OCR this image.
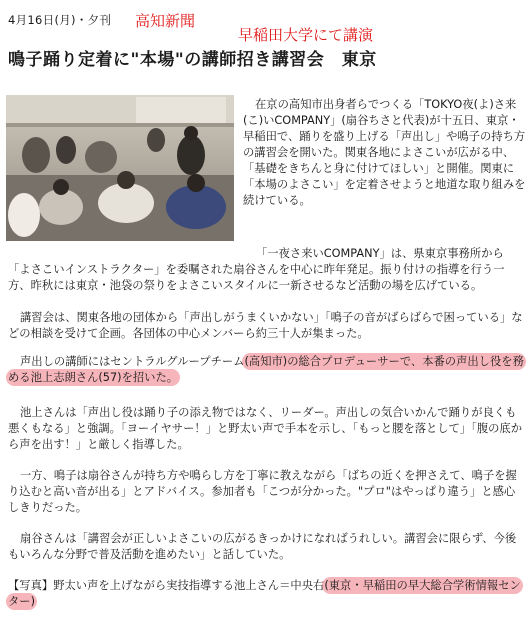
4月16日(月)・夕刊 高知新聞
早稲田大学にて講演
鳴子踊り定着に"本場"の講師招き講習会　東京

在京の高知市出身者らでつくる「TOKYO夜(よ)さ来(こ)いCOMPANY」(扇谷ちさと代表)が十五日、東京・早稲田で、踊りを盛り上げる「声出し」や鳴子の持ち方の講習会を開いた。関東各地によさこいが広がる中、「基礎をきちんと身に付けてほしい」と開催。関東に「本場のよさこい」を定着させようと地道な取り組みを続けている。

「一夜さ来いCOMPANY」は、県東京事務所から「よさこいインストラクター」を委嘱された扇谷さんを中心に昨年発足。振り付けの指導を行う一方、昨秋には東京・池袋の祭りをよさこいスタイルに一新させるなど活動の場を広げている。

講習会は、関東各地の団体から「声出しがうまくいかない」「鳴子の音がばらばらで困っている」などの相談を受けて企画。各団体の中心メンバーら約三十人が集まった。

声出しの講師にはセントラルグループチーム(高知市)の総合プロデューサーで、本番の声出し役を務める池上志朗さん(57)を招いた。

池上さんは「声出し役は踊り子の添え物ではなく、リーダー。声出しの気合いかんで踊りが良くも悪くもなる」と強調。「ヨーイヤサー！」と野太い声で手本を示し、「もっと腰を落として」「腹の底から声を出す！」と厳しく指導した。

一方、鳴子は扇谷さんが持ち方や鳴らし方を丁寧に教えながら「ばちの近くを押さえて、鳴子を握り込むと高い音が出る」とアドバイス。参加者も「こつが分かった。"プロ"はやっぱり違う」と感心しきりだった。

扇谷さんは「講習会が正しいよさこいの広がるきっかけになればうれしい。講習会に限らず、今後もいろんな分野で普及活動を進めたい」と話していた。

【写真】野太い声を上げながら実技指導する池上さん＝中央右(東京・早稲田の早大総合学術情報センター)
